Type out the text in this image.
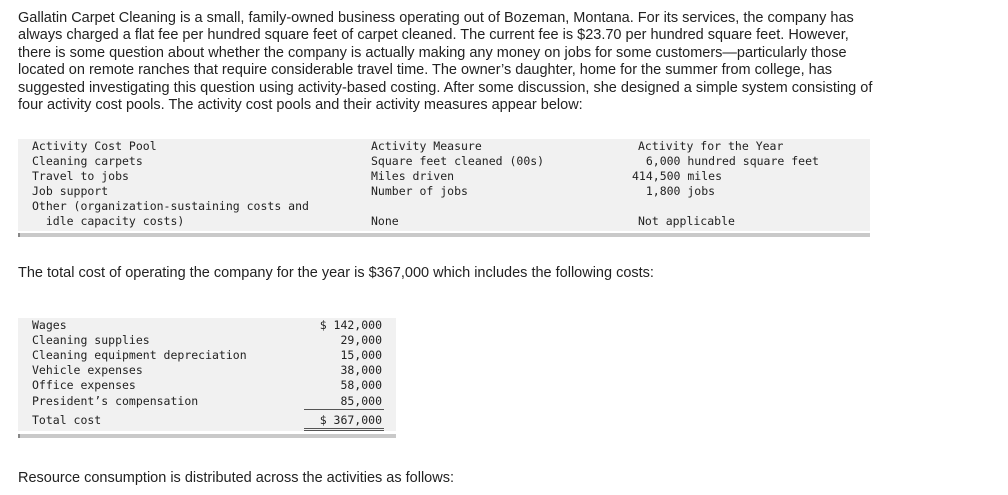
Gallatin Carpet Cleaning is a small, family-owned business operating out of Bozeman, Montana. For its services, the company has
always charged a flat fee per hundred square feet of carpet cleaned. The current fee is $23.70 per hundred square feet. However,
there is some question about whether the company is actually making any money on jobs for some customers—particularly those
located on remote ranches that require considerable travel time. The owner’s daughter, home for the summer from college, has
suggested investigating this question using activity-based costing. After some discussion, she designed a simple system consisting of
four activity cost pools. The activity cost pools and their activity measures appear below:
Activity Cost Pool	Activity Measure	Activity for the Year
Cleaning carpets	Square feet cleaned (00s)	6,000 hundred square feet
Travel to jobs	Miles driven	414,500 miles
Job support	Number of jobs	1,800 jobs
Other (organization-sustaining costs and
idle capacity costs)	None	Not applicable
The total cost of operating the company for the year is $367,000 which includes the following costs:
Wages	$ 142,000
Cleaning supplies	29,000
Cleaning equipment depreciation	15,000
Vehicle expenses	38,000
Office expenses	58,000
President’s compensation	85,000
Total cost	$ 367,000
Resource consumption is distributed across the activities as follows:
